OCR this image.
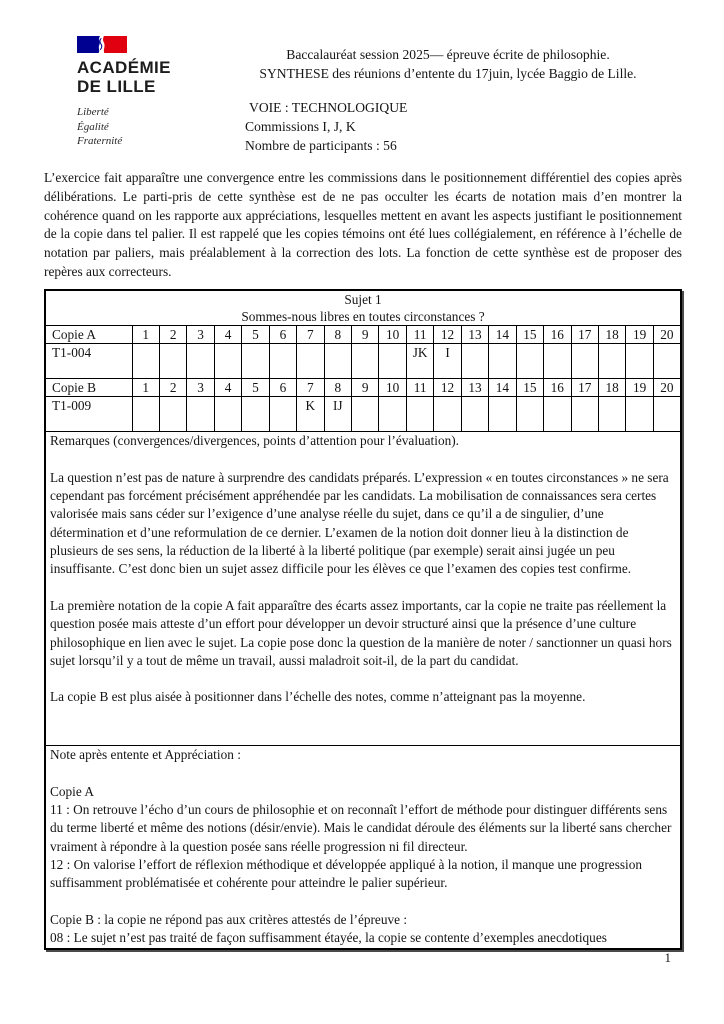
ACADÉMIE
DE LILLE
Liberté
Égalité
Fraternité
Baccalauréat session 2025— épreuve écrite de philosophie.
SYNTHESE des réunions d’entente du 17juin, lycée Baggio de Lille.
VOIE : TECHNOLOGIQUE
Commissions I, J, K
Nombre de participants : 56

L’exercice fait apparaître une convergence entre les commissions dans le positionnement différentiel des copies après délibérations. Le parti-pris de cette synthèse est de ne pas occulter les écarts de notation mais d’en montrer la cohérence quand on les rapporte aux appréciations, lesquelles mettent en avant les aspects justifiant le positionnement de la copie dans tel palier. Il est rappelé que les copies témoins ont été lues collégialement, en référence à l’échelle de notation par paliers, mais préalablement à la correction des lots. La fonction de cette synthèse est de proposer des repères aux correcteurs.

Sujet 1
Sommes-nous libres en toutes circonstances ?																				

Copie A	1	2	3	4	5	6	7	8	9	10	11	12	13	14	15	16	17	18	19	20
T1-004											JK	I								
Copie B	1	2	3	4	5	6	7	8	9	10	11	12	13	14	15	16	17	18	19	20
T1-009							K	IJ												

Remarques (convergences/divergences, points d’attention pour l’évaluation).

La question n’est pas de nature à surprendre des candidats préparés. L’expression « en toutes circonstances » ne sera cependant pas forcément précisément appréhendée par les candidats. La mobilisation de connaissances sera certes valorisée mais sans céder sur l’exigence d’une analyse réelle du sujet, dans ce qu’il a de singulier, d’une détermination et d’une reformulation de ce dernier. L’examen de la notion doit donner lieu à la distinction de plusieurs de ses sens, la réduction de la liberté à la liberté politique (par exemple) serait ainsi jugée un peu insuffisante. C’est donc bien un sujet assez difficile pour les élèves ce que l’examen des copies test confirme.

La première notation de la copie A fait apparaître des écarts assez importants, car la copie ne traite pas réellement la question posée mais atteste d’un effort pour développer un devoir structuré ainsi que la présence d’une culture philosophique en lien avec le sujet. La copie pose donc la question de la manière de noter / sanctionner un quasi hors sujet lorsqu’il y a tout de même un travail, aussi maladroit soit-il, de la part du candidat.

La copie B est plus aisée à positionner dans l’échelle des notes, comme n’atteignant pas la moyenne.																				

Note après entente et Appréciation :

Copie A

11 : On retrouve l’écho d’un cours de philosophie et on reconnaît l’effort de méthode pour distinguer différents sens du terme liberté et même des notions (désir/envie). Mais le candidat déroule des éléments sur la liberté sans chercher vraiment à répondre à la question posée sans réelle progression ni fil directeur.

12 : On valorise l’effort de réflexion méthodique et développée appliqué à la notion, il manque une progression suffisamment problématisée et cohérente pour atteindre le palier supérieur.

Copie B : la copie ne répond pas aux critères attestés de l’épreuve :

08 : Le sujet n’est pas traité de façon suffisamment étayée, la copie se contente d’exemples anecdotiques

1
